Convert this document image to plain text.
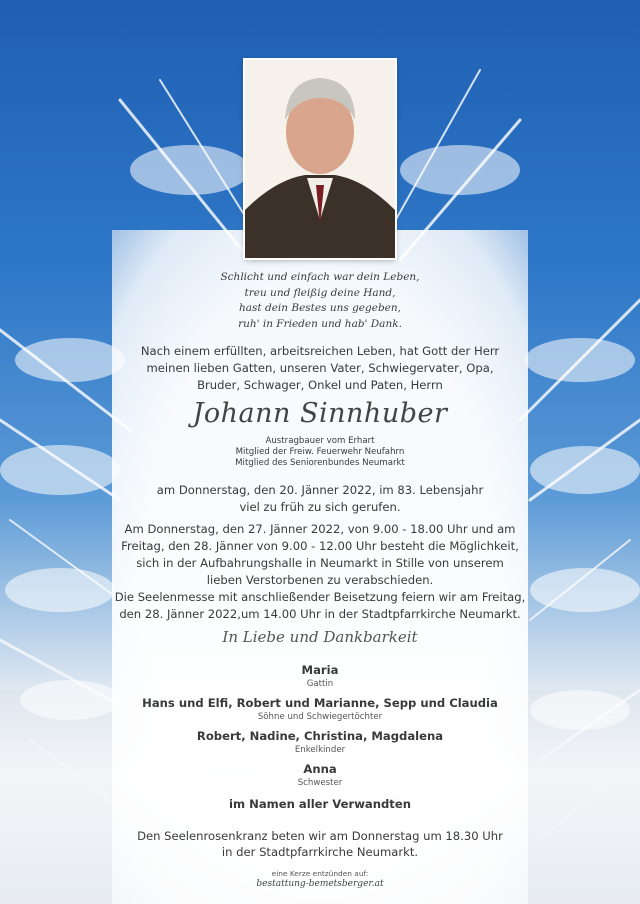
Schlicht und einfach war dein Leben,
treu und fleißig deine Hand,
hast dein Bestes uns gegeben,
ruh' in Frieden und hab' Dank.
Nach einem erfüllten, arbeitsreichen Leben, hat Gott der Herr
meinen lieben Gatten, unseren Vater, Schwiegervater, Opa,
Bruder, Schwager, Onkel und Paten, Herrn
Johann Sinnhuber
Austragbauer vom Erhart
Mitglied der Freiw. Feuerwehr Neufahrn
Mitglied des Seniorenbundes Neumarkt
am Donnerstag, den 20. Jänner 2022, im 83. Lebensjahr
viel zu früh zu sich gerufen.
Am Donnerstag, den 27. Jänner 2022, von 9.00 - 18.00 Uhr und am
Freitag, den 28. Jänner von 9.00 - 12.00 Uhr besteht die Möglichkeit,
sich in der Aufbahrungshalle in Neumarkt in Stille von unserem
lieben Verstorbenen zu verabschieden.
Die Seelenmesse mit anschließender Beisetzung feiern wir am Freitag,
den 28. Jänner 2022,um 14.00 Uhr in der Stadtpfarrkirche Neumarkt.
In Liebe und Dankbarkeit
Maria
Gattin
Hans und Elfi, Robert und Marianne, Sepp und Claudia
Söhne und Schwiegertöchter
Robert, Nadine, Christina, Magdalena
Enkelkinder
Anna
Schwester
im Namen aller Verwandten
Den Seelenrosenkranz beten wir am Donnerstag um 18.30 Uhr
in der Stadtpfarrkirche Neumarkt.
eine Kerze entzünden auf:
bestattung-bemetsberger.at
